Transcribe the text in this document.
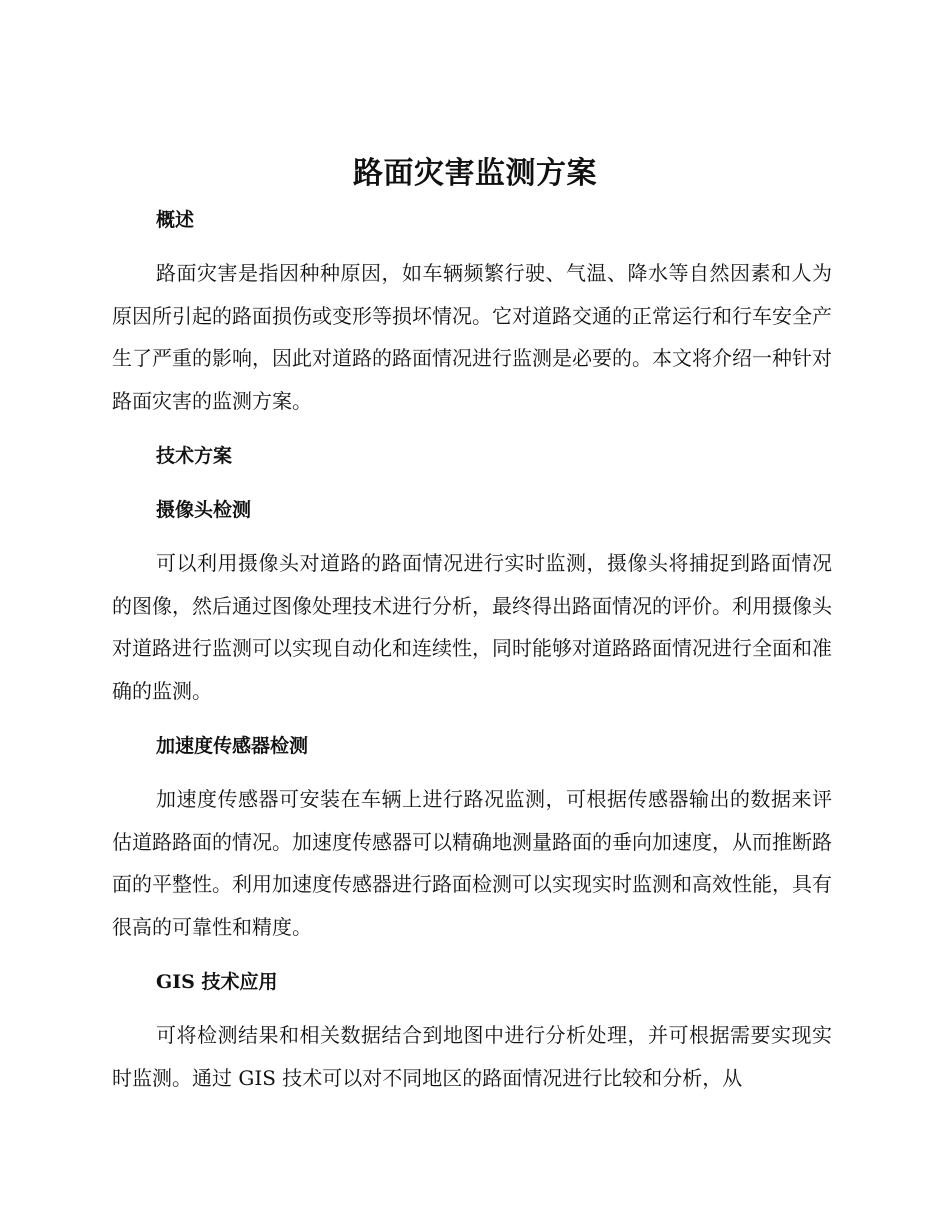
路面灾害监测方案
概述

路面灾害是指因种种原因，如车辆频繁行驶、气温、降水等自然因素和人为原因所引起的路面损伤或变形等损坏情况。它对道路交通的正常运行和行车安全产生了严重的影响，因此对道路的路面情况进行监测是必要的。本文将介绍一种针对路面灾害的监测方案。

技术方案
摄像头检测

可以利用摄像头对道路的路面情况进行实时监测，摄像头将捕捉到路面情况的图像，然后通过图像处理技术进行分析，最终得出路面情况的评价。利用摄像头对道路进行监测可以实现自动化和连续性，同时能够对道路路面情况进行全面和准确的监测。

加速度传感器检测

加速度传感器可安装在车辆上进行路况监测，可根据传感器输出的数据来评估道路路面的情况。加速度传感器可以精确地测量路面的垂向加速度，从而推断路面的平整性。利用加速度传感器进行路面检测可以实现实时监测和高效性能，具有很高的可靠性和精度。

GIS 技术应用

可将检测结果和相关数据结合到地图中进行分析处理，并可根据需要实现实时监测。通过 GIS 技术可以对不同地区的路面情况进行比较和分析，从
